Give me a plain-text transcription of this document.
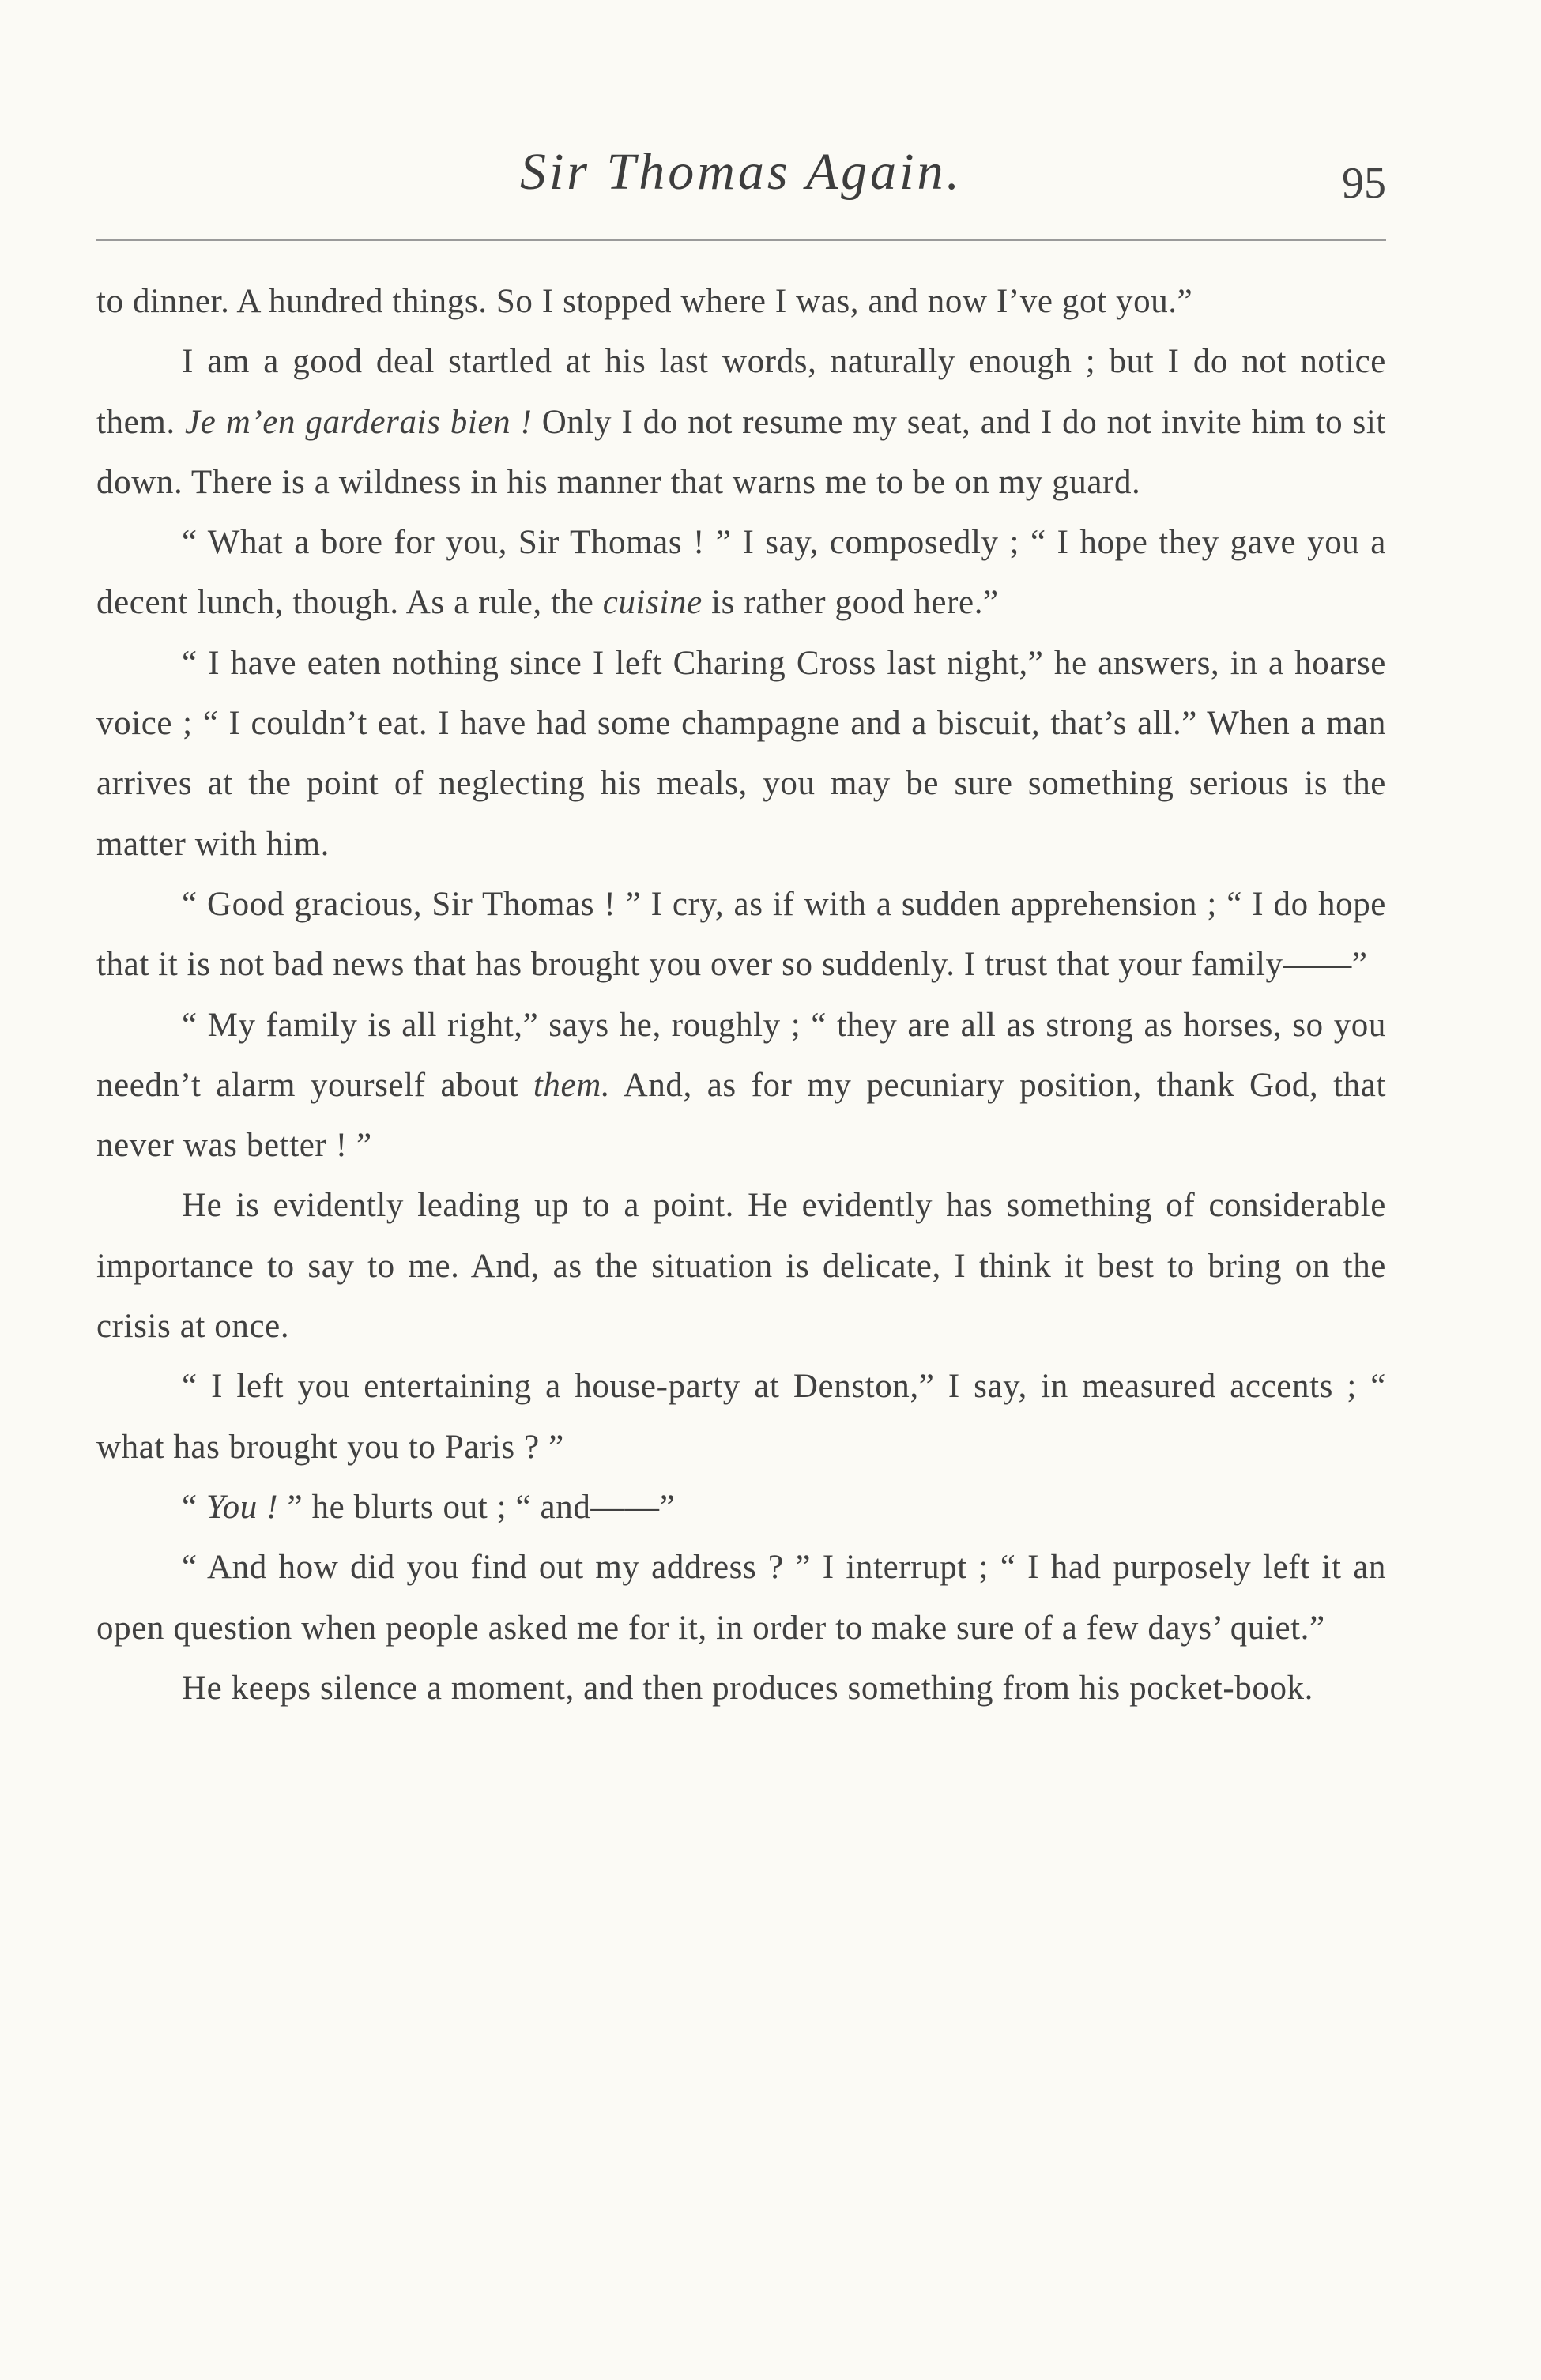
Sir Thomas Again.	95

to dinner. A hundred things. So I stopped where I was, and now I’ve got you.”

I am a good deal startled at his last words, naturally enough ; but I do not notice them. Je m’en garderais bien ! Only I do not resume my seat, and I do not invite him to sit down. There is a wildness in his manner that warns me to be on my guard.

“ What a bore for you, Sir Thomas ! ” I say, composedly ; “ I hope they gave you a decent lunch, though. As a rule, the cuisine is rather good here.”

“ I have eaten nothing since I left Charing Cross last night,” he answers, in a hoarse voice ; “ I couldn’t eat. I have had some champagne and a biscuit, that’s all.” When a man arrives at the point of neglecting his meals, you may be sure something serious is the matter with him.

“ Good gracious, Sir Thomas ! ” I cry, as if with a sudden apprehension ; “ I do hope that it is not bad news that has brought you over so suddenly. I trust that your family——”

“ My family is all right,” says he, roughly ; “ they are all as strong as horses, so you needn’t alarm yourself about them. And, as for my pecuniary position, thank God, that never was better ! ”

He is evidently leading up to a point. He evidently has something of considerable importance to say to me. And, as the situation is delicate, I think it best to bring on the crisis at once.

“ I left you entertaining a house-party at Denston,” I say, in measured accents ; “ what has brought you to Paris ? ”

“ You ! ” he blurts out ; “ and——”

“ And how did you find out my address ? ” I interrupt ; “ I had purposely left it an open question when people asked me for it, in order to make sure of a few days’ quiet.”

He keeps silence a moment, and then produces something from his pocket-book.
